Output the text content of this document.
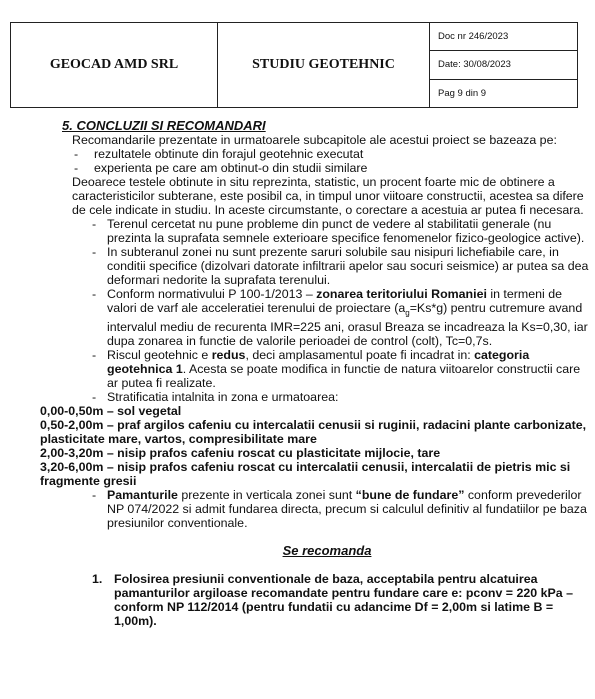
GEOCAD AMD SRL	STUDIU GEOTEHNIC
Doc nr 246/2023
Date: 30/08/2023
Pag 9 din 9

5. CONCLUZII SI RECOMANDARI

Recomandarile prezentate in urmatoarele subcapitole ale acestui proiect se bazeaza pe:

-	rezultatele obtinute din forajul geotehnic executat
-	experienta pe care am obtinut-o din studii similare

Deoarece testele obtinute in situ reprezinta, statistic, un procent foarte mic de obtinere a caracteristicilor subterane, este posibil ca, in timpul unor viitoare constructii, acestea sa difere de cele indicate in studiu. In aceste circumstante, o corectare a acestuia ar putea fi necesara.

- Terenul cercetat nu pune probleme din punct de vedere al stabilitatii generale (nu prezinta la suprafata semnele exterioare specifice fenomenelor fizico-geologice active).
- In subteranul zonei nu sunt prezente saruri solubile sau nisipuri lichefiabile care, in conditii specifice (dizolvari datorate infiltrarii apelor sau socuri seismice) ar putea sa dea deformari nedorite la suprafata terenului.
- Conform normativului P 100-1/2013 – zonarea teritoriului Romaniei in termeni de valori de varf ale acceleratiei terenului de proiectare $(a_g=Ks*g)$ pentru cutremure avand intervalul mediu de recurenta IMR=225 ani, orasul Breaza se incadreaza la Ks=0,30, iar dupa zonarea in functie de valorile perioadei de control (colt), Tc=0,7s.
- Riscul geotehnic e redus, deci amplasamentul poate fi incadrat in: categoria geotehnica 1. Acesta se poate modifica in functie de natura viitoarelor constructii care ar putea fi realizate.
- Stratificatia intalnita in zona e urmatoarea:

0,00-0,50m – sol vegetal

0,50-2,00m – praf argilos cafeniu cu intercalatii cenusii si ruginii, radacini plante carbonizate, plasticitate mare, vartos, compresibilitate mare

2,00-3,20m – nisip prafos cafeniu roscat cu plasticitate mijlocie, tare

3,20-6,00m – nisip prafos cafeniu roscat cu intercalatii cenusii, intercalatii de pietris mic si fragmente gresii

- Pamanturile prezente in verticala zonei sunt “bune de fundare” conform prevederilor NP 074/2022 si admit fundarea directa, precum si calculul definitiv al fundatiilor pe baza presiunilor conventionale.

Se recomanda

1. Folosirea presiunii conventionale de baza, acceptabila pentru alcatuirea pamanturilor argiloase recomandate pentru fundare care e: pconv = 220 kPa – conform NP 112/2014 (pentru fundatii cu adancime Df = 2,00m si latime B = 1,00m).
